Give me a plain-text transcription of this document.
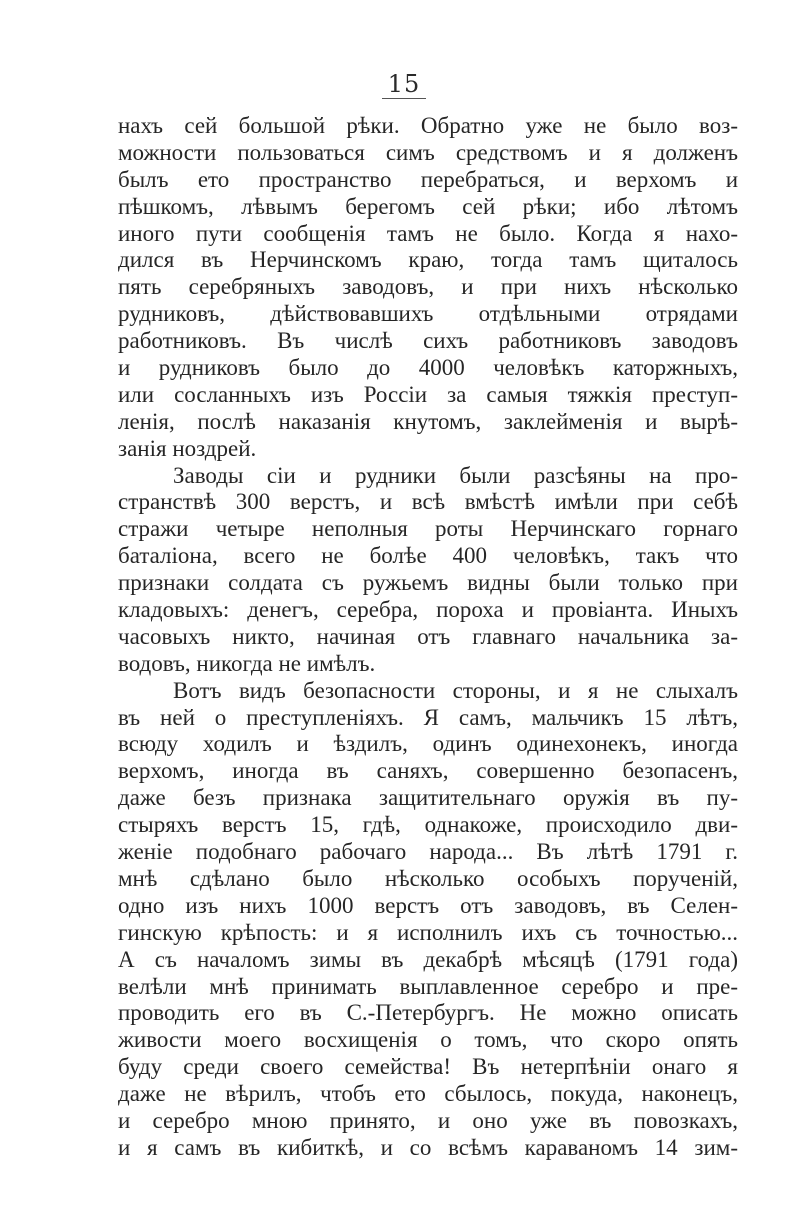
15
нахъ сей большой рѣки. Обратно уже не было воз-
можности пользоваться симъ средствомъ и я долженъ
былъ ето пространство перебраться, и верхомъ и
пѣшкомъ, лѣвымъ берегомъ сей рѣки; ибо лѣтомъ
иного пути сообщенія тамъ не было. Когда я нахо-
дился въ Нерчинскомъ краю, тогда тамъ щиталось
пять серебряныхъ заводовъ, и при нихъ нѣсколько
рудниковъ, дѣйствовавшихъ отдѣльными отрядами
работниковъ. Въ числѣ сихъ работниковъ заводовъ
и рудниковъ было до 4000 человѣкъ каторжныхъ,
или сосланныхъ изъ Россіи за самыя тяжкія преступ-
ленія, послѣ наказанія кнутомъ, заклейменія и вырѣ-
занія ноздрей.
Заводы сіи и рудники были разсѣяны на про-
странствѣ 300 верстъ, и всѣ вмѣстѣ имѣли при себѣ
стражи четыре неполныя роты Нерчинскаго горнаго
баталіона, всего не болѣе 400 человѣкъ, такъ что
признаки солдата съ ружьемъ видны были только при
кладовыхъ: денегъ, серебра, пороха и провіанта. Иныхъ
часовыхъ никто, начиная отъ главнаго начальника за-
водовъ, никогда не имѣлъ.
Вотъ видъ безопасности стороны, и я не слыхалъ
въ ней о преступленіяхъ. Я самъ, мальчикъ 15 лѣтъ,
всюду ходилъ и ѣздилъ, одинъ одинехонекъ, иногда
верхомъ, иногда въ саняхъ, совершенно безопасенъ,
даже безъ признака защитительнаго оружія въ пу-
стыряхъ верстъ 15, гдѣ, однакоже, происходило дви-
женіе подобнаго рабочаго народа... Въ лѣтѣ 1791 г.
мнѣ сдѣлано было нѣсколько особыхъ порученій,
одно изъ нихъ 1000 верстъ отъ заводовъ, въ Селен-
гинскую крѣпость: и я исполнилъ ихъ съ точностью...
А съ началомъ зимы въ декабрѣ мѣсяцѣ (1791 года)
велѣли мнѣ принимать выплавленное серебро и пре-
проводить его въ С.-Петербургъ. Не можно описать
живости моего восхищенія о томъ, что скоро опять
буду среди своего семейства! Въ нетерпѣніи онаго я
даже не вѣрилъ, чтобъ ето сбылось, покуда, наконецъ,
и серебро мною принято, и оно уже въ повозкахъ,
и я самъ въ кибиткѣ, и со всѣмъ караваномъ 14 зим-
